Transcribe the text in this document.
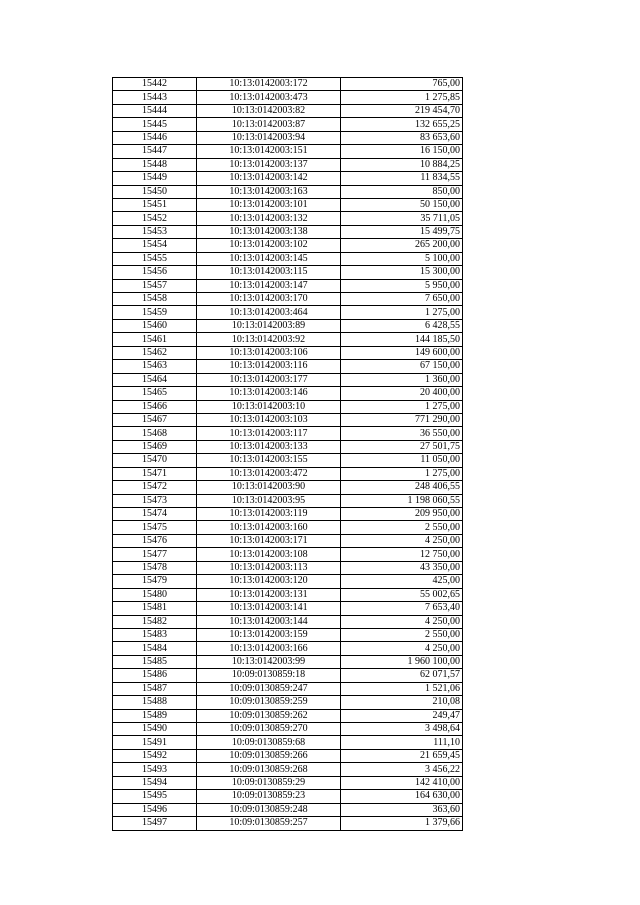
15442	10:13:0142003:172	765,00
15443	10:13:0142003:473	1 275,85
15444	10:13:0142003:82	219 454,70
15445	10:13:0142003:87	132 655,25
15446	10:13:0142003:94	83 653,60
15447	10:13:0142003:151	16 150,00
15448	10:13:0142003:137	10 884,25
15449	10:13:0142003:142	11 834,55
15450	10:13:0142003:163	850,00
15451	10:13:0142003:101	50 150,00
15452	10:13:0142003:132	35 711,05
15453	10:13:0142003:138	15 499,75
15454	10:13:0142003:102	265 200,00
15455	10:13:0142003:145	5 100,00
15456	10:13:0142003:115	15 300,00
15457	10:13:0142003:147	5 950,00
15458	10:13:0142003:170	7 650,00
15459	10:13:0142003:464	1 275,00
15460	10:13:0142003:89	6 428,55
15461	10:13:0142003:92	144 185,50
15462	10:13:0142003:106	149 600,00
15463	10:13:0142003:116	67 150,00
15464	10:13:0142003:177	1 360,00
15465	10:13:0142003:146	20 400,00
15466	10:13:0142003:10	1 275,00
15467	10:13:0142003:103	771 290,00
15468	10:13:0142003:117	36 550,00
15469	10:13:0142003:133	27 501,75
15470	10:13:0142003:155	11 050,00
15471	10:13:0142003:472	1 275,00
15472	10:13:0142003:90	248 406,55
15473	10:13:0142003:95	1 198 060,55
15474	10:13:0142003:119	209 950,00
15475	10:13:0142003:160	2 550,00
15476	10:13:0142003:171	4 250,00
15477	10:13:0142003:108	12 750,00
15478	10:13:0142003:113	43 350,00
15479	10:13:0142003:120	425,00
15480	10:13:0142003:131	55 002,65
15481	10:13:0142003:141	7 653,40
15482	10:13:0142003:144	4 250,00
15483	10:13:0142003:159	2 550,00
15484	10:13:0142003:166	4 250,00
15485	10:13:0142003:99	1 960 100,00
15486	10:09:0130859:18	62 071,57
15487	10:09:0130859:247	1 521,06
15488	10:09:0130859:259	210,08
15489	10:09:0130859:262	249,47
15490	10:09:0130859:270	3 498,64
15491	10:09:0130859:68	111,10
15492	10:09:0130859:266	21 659,45
15493	10:09:0130859:268	3 456,22
15494	10:09:0130859:29	142 410,00
15495	10:09:0130859:23	164 630,00
15496	10:09:0130859:248	363,60
15497	10:09:0130859:257	1 379,66
